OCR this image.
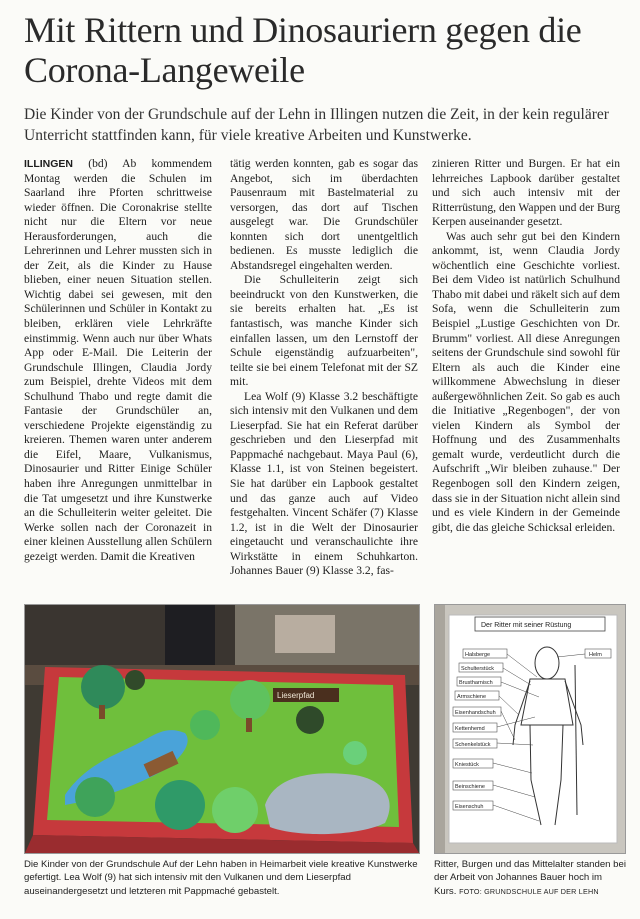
Mit Rittern und Dinosauriern gegen die Corona-Langeweile

Die Kinder von der Grundschule auf der Lehn in Illingen nutzen die Zeit, in der kein regulärer Unterricht stattfinden kann, für viele kreative Arbeiten und Kunstwerke.

ILLINGEN (bd) Ab kommendem Montag werden die Schulen im Saarland ihre Pforten schrittweise wieder öffnen. Die Coronakrise stellte nicht nur die Eltern vor neue Herausforderungen, auch die Lehrerinnen und Lehrer mussten sich in der Zeit, als die Kinder zu Hause blieben, einer neuen Situation stellen. Wichtig dabei sei gewesen, mit den Schülerinnen und Schüler in Kontakt zu bleiben, erklären viele Lehrkräfte einstimmig. Wenn auch nur über Whats App oder E-Mail. Die Leiterin der Grundschule Illingen, Claudia Jordy zum Beispiel, drehte Videos mit dem Schulhund Thabo und regte damit die Fantasie der Grundschüler an, verschiedene Projekte eigenständig zu kreieren. Themen waren unter anderem die Eifel, Maare, Vulkanismus, Dinosaurier und Ritter Einige Schüler haben ihre Anregungen unmittelbar in die Tat umgesetzt und ihre Kunstwerke an die Schulleiterin weiter geleitet. Die Werke sollen nach der Coronazeit in einer kleinen Ausstellung allen Schülern gezeigt werden. Damit die Kreativen

tätig werden konnten, gab es sogar das Angebot, sich im überdachten Pausenraum mit Bastelmaterial zu versorgen, das dort auf Tischen ausgelegt war. Die Grundschüler konnten sich dort unentgeltlich bedienen. Es musste lediglich die Abstandsregel eingehalten werden.

Die Schulleiterin zeigt sich beeindruckt von den Kunstwerken, die sie bereits erhalten hat. „Es ist fantastisch, was manche Kinder sich einfallen lassen, um den Lernstoff der Schule eigenständig aufzuarbeiten", teilte sie bei einem Telefonat mit der SZ mit.

Lea Wolf (9) Klasse 3.2 beschäftigte sich intensiv mit den Vulkanen und dem Lieserpfad. Sie hat ein Referat darüber geschrieben und den Lieserpfad mit Pappmaché nachgebaut. Maya Paul (6), Klasse 1.1, ist von Steinen begeistert. Sie hat darüber ein Lapbook gestaltet und das ganze auch auf Video festgehalten. Vincent Schäfer (7) Klasse 1.2, ist in die Welt der Dinosaurier eingetaucht und veranschaulichte ihre Wirkstätte in einem Schuhkarton. Johannes Bauer (9) Klasse 3.2, fas-

zinieren Ritter und Burgen. Er hat ein lehrreiches Lapbook darüber gestaltet und sich auch intensiv mit der Ritterrüstung, den Wappen und der Burg Kerpen auseinander gesetzt.

Was auch sehr gut bei den Kindern ankommt, ist, wenn Claudia Jordy wöchentlich eine Geschichte vorliest. Bei dem Video ist natürlich Schulhund Thabo mit dabei und räkelt sich auf dem Sofa, wenn die Schulleiterin zum Beispiel „Lustige Geschichten von Dr. Brumm" vorliest. All diese Anregungen seitens der Grundschule sind sowohl für Eltern als auch die Kinder eine willkommene Abwechslung in dieser außergewöhnlichen Zeit. So gab es auch die Initiative „Regenbogen", der von vielen Kindern als Symbol der Hoffnung und des Zusammenhalts gemalt wurde, verdeutlicht durch die Aufschrift „Wir bleiben zuhause." Der Regenbogen soll den Kindern zeigen, dass sie in der Situation nicht allein sind und es viele Kindern in der Gemeinde gibt, die das gleiche Schicksal erleiden.

Lieserpfad
Der Ritter mit seiner Rüstung
Halsberge
Schulterstück
Brustharnisch
Armschiene
Eisenhandschuh
Kettenhemd
Schenkelstück
Kniestück
Beinschiene
Eisenschuh
Helm
Die Kinder von der Grundschule Auf der Lehn haben in Heimarbeit viele kreative Kunstwerke gefertigt. Lea Wolf (9) hat sich intensiv mit den Vulkanen und dem Lieserpfad auseinandergesetzt und letzteren mit Pappmaché gebastelt.
Ritter, Burgen und das Mittelalter standen bei der Arbeit von Johannes Bauer hoch im Kurs. FOTO: GRUNDSCHULE AUF DER LEHN
